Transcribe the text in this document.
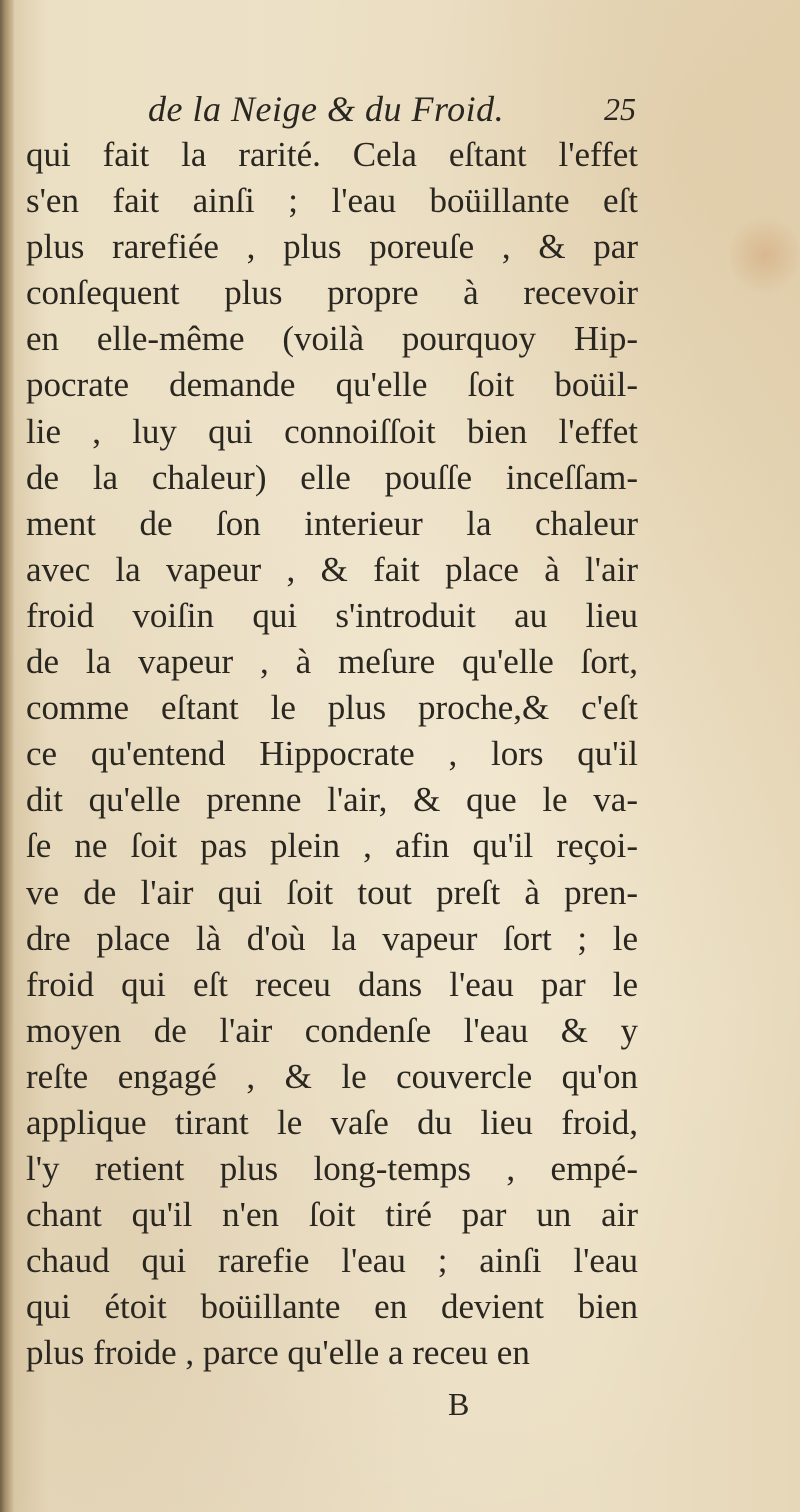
de la Neige & du Froid.	25
qui fait la rarité. Cela eſtant l'effet
s'en fait ainſi ; l'eau boüillante eſt
plus rarefiée , plus poreuſe , & par
conſequent plus propre à recevoir
en elle-même (voilà pourquoy Hip-
pocrate demande qu'elle ſoit boüil-
lie , luy qui connoiſſoit bien l'effet
de la chaleur) elle pouſſe inceſſam-
ment de ſon interieur la chaleur
avec la vapeur , & fait place à l'air
froid voiſin qui s'introduit au lieu
de la vapeur , à meſure qu'elle ſort,
comme eſtant le plus proche,& c'eſt
ce qu'entend Hippocrate , lors qu'il
dit qu'elle prenne l'air, & que le va-
ſe ne ſoit pas plein , afin qu'il reçoi-
ve de l'air qui ſoit tout preſt à pren-
dre place là d'où la vapeur ſort ; le
froid qui eſt receu dans l'eau par le
moyen de l'air condenſe l'eau & y
reſte engagé , & le couvercle qu'on
applique tirant le vaſe du lieu froid,
l'y retient plus long-temps , empé-
chant qu'il n'en ſoit tiré par un air
chaud qui rarefie l'eau ; ainſi l'eau
qui étoit boüillante en devient bien
plus froide , parce qu'elle a receu en
B
